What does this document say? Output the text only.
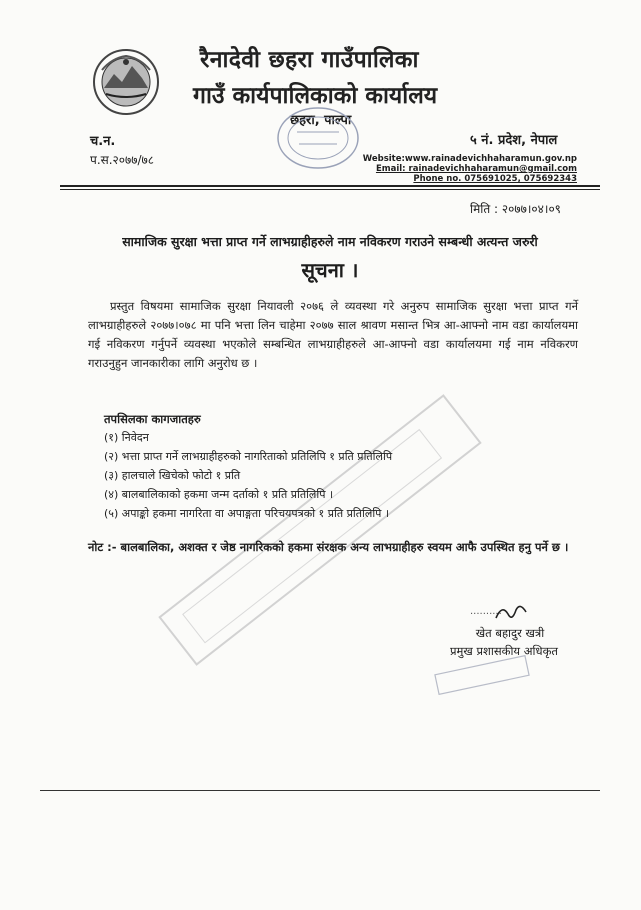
रैनादेवी छहरा गाउँपालिका
गाउँ कार्यपालिकाको कार्यालय
छहरा, पाल्पा
च.न.
प.स.२०७७/७८
५ नं. प्रदेश, नेपाल
Website:www.rainadevichhaharamun.gov.np
Email: rainadevichhaharamun@gmail.com
Phone no. 075691025, 075692343
मिति : २०७७।०४।०९
सामाजिक सुरक्षा भत्ता प्राप्त गर्ने लाभग्राहीहरुले नाम नविकरण गराउने सम्बन्धी अत्यन्त जरुरी
सूचना ।
प्रस्तुत विषयमा सामाजिक सुरक्षा नियावली २०७६ ले व्यवस्था गरे अनुरुप सामाजिक सुरक्षा भत्ता प्राप्त गर्ने लाभग्राहीहरुले २०७७।०७८ मा पनि भत्ता लिन चाहेमा २०७७ साल श्रावण मसान्त भित्र आ-आफ्नो नाम वडा कार्यालयमा गई नविकरण गर्नुपर्ने व्यवस्था भएकोले सम्बन्धित लाभग्राहीहरुले आ-आफ्नो वडा कार्यालयमा गई नाम नविकरण गराउनुहुन जानकारीका लागि अनुरोध छ ।
तपसिलका कागजातहरु
(१) निवेदन
(२) भत्ता प्राप्त गर्ने लाभग्राहीहरुको नागरिताको प्रतिलिपि १ प्रति प्रतिलिपि
(३) हालचाले खिचेको फोटो १ प्रति
(४) बालबालिकाको हकमा जन्म दर्ताको १ प्रति प्रतिलिपि ।
(५) अपाङ्को हकमा नागरिता वा अपाङ्गता परिचयपत्रको १ प्रति प्रतिलिपि ।
नोट :- बालबालिका, अशक्त र जेष्ठ नागरिकको हकमा संरक्षक अन्य लाभग्राहीहरु स्वयम आफै उपस्थित हनु पर्ने छ ।
..........
खेत बहादुर खत्री
प्रमुख प्रशासकीय अधिकृत
